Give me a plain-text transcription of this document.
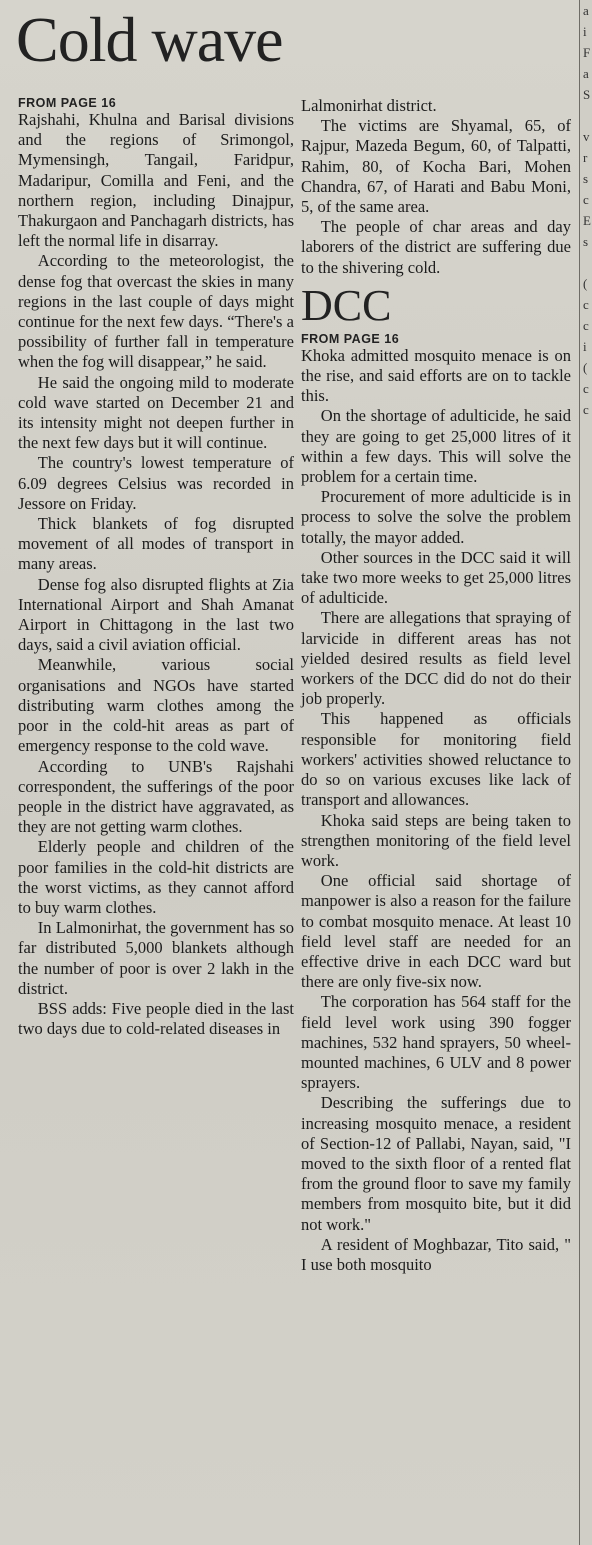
Cold wave
FROM PAGE 16

Rajshahi, Khulna and Barisal divisions and the regions of Srimongol, Mymensingh, Tangail, Faridpur, Madaripur, Comilla and Feni, and the northern region, including Dinajpur, Thakurgaon and Panchagarh districts, has left the normal life in disarray.

According to the meteorologist, the dense fog that overcast the skies in many regions in the last couple of days might continue for the next few days. “There's a possibility of further fall in temperature when the fog will disappear,” he said.

He said the ongoing mild to moderate cold wave started on December 21 and its intensity might not deepen further in the next few days but it will continue.

The country's lowest temperature of 6.09 degrees Celsius was recorded in Jessore on Friday.

Thick blankets of fog disrupted movement of all modes of transport in many areas.

Dense fog also disrupted flights at Zia International Airport and Shah Amanat Airport in Chittagong in the last two days, said a civil aviation official.

Meanwhile, various social organisations and NGOs have started distributing warm clothes among the poor in the cold-hit areas as part of emergency response to the cold wave.

According to UNB's Rajshahi correspondent, the sufferings of the poor people in the district have aggravated, as they are not getting warm clothes.

Elderly people and children of the poor families in the cold-hit districts are the worst victims, as they cannot afford to buy warm clothes.

In Lalmonirhat, the government has so far distributed 5,000 blankets although the number of poor is over 2 lakh in the district.

BSS adds: Five people died in the last two days due to cold-related diseases in

Lalmonirhat district.

The victims are Shyamal, 65, of Rajpur, Mazeda Begum, 60, of Talpatti, Rahim, 80, of Kocha Bari, Mohen Chandra, 67, of Harati and Babu Moni, 5, of the same area.

The people of char areas and day laborers of the district are suffering due to the shivering cold.

DCC
FROM PAGE 16

Khoka admitted mosquito menace is on the rise, and said efforts are on to tackle this.

On the shortage of adulticide, he said they are going to get 25,000 litres of it within a few days. This will solve the problem for a certain time.

Procurement of more adulticide is in process to solve the solve the problem totally, the mayor added.

Other sources in the DCC said it will take two more weeks to get 25,000 litres of adulticide.

There are allegations that spraying of larvicide in different areas has not yielded desired results as field level workers of the DCC did do not do their job properly.

This happened as officials responsible for monitoring field workers' activities showed reluctance to do so on various excuses like lack of transport and allowances.

Khoka said steps are being taken to strengthen monitoring of the field level work.

One official said shortage of manpower is also a reason for the failure to combat mosquito menace. At least 10 field level staff are needed for an effective drive in each DCC ward but there are only five-six now.

The corporation has 564 staff for the field level work using 390 fogger machines, 532 hand sprayers, 50 wheel-mounted machines, 6 ULV and 8 power sprayers.

Describing the sufferings due to increasing mosquito menace, a resident of Section-12 of Pallabi, Nayan, said, "I moved to the sixth floor of a rented flat from the ground floor to save my family members from mosquito bite, but it did not work."

A resident of Moghbazar, Tito said, " I use both mosquito

a
i
F
a
S

v
r
s
c
E
s

(
c
c
i
(
c
c
